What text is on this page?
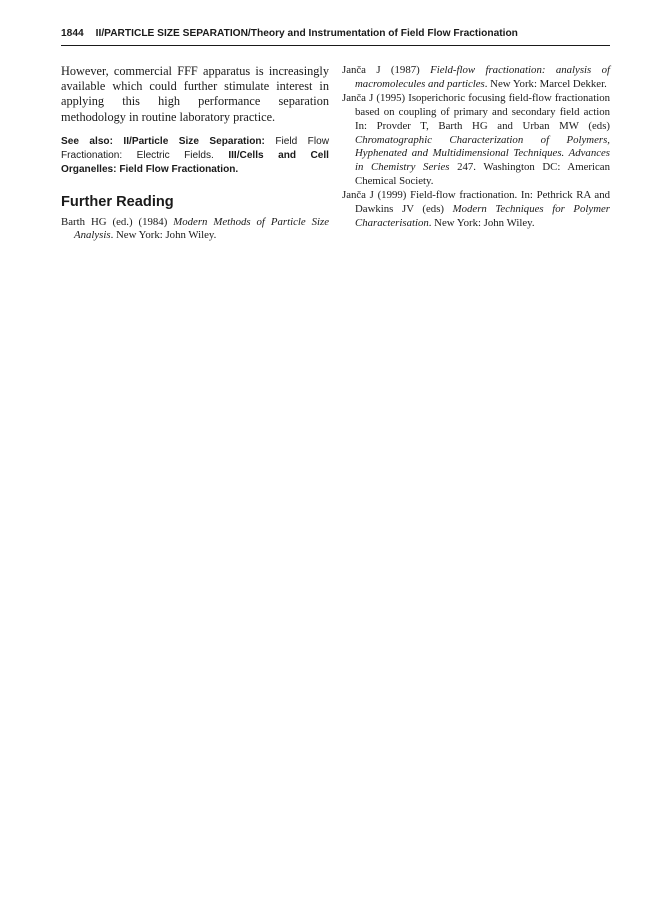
1844 II/PARTICLE SIZE SEPARATION/Theory and Instrumentation of Field Flow Fractionation

However, commercial FFF apparatus is increasingly available which could further stimulate interest in applying this high performance separation methodology in routine laboratory practice.

See also: II/Particle Size Separation: Field Flow Fractionation: Electric Fields. III/Cells and Cell Organelles: Field Flow Fractionation.

Further Reading

Barth HG (ed.) (1984) Modern Methods of Particle Size Analysis. New York: John Wiley.

Janča J (1987) Field-flow fractionation: analysis of macromolecules and particles. New York: Marcel Dekker.

Janča J (1995) Isoperichoric focusing field-flow fractionation based on coupling of primary and secondary field action In: Provder T, Barth HG and Urban MW (eds) Chromatographic Characterization of Polymers, Hyphenated and Multidimensional Techniques. Advances in Chemistry Series 247. Washington DC: American Chemical Society.

Janča J (1999) Field-flow fractionation. In: Pethrick RA and Dawkins JV (eds) Modern Techniques for Polymer Characterisation. New York: John Wiley.
